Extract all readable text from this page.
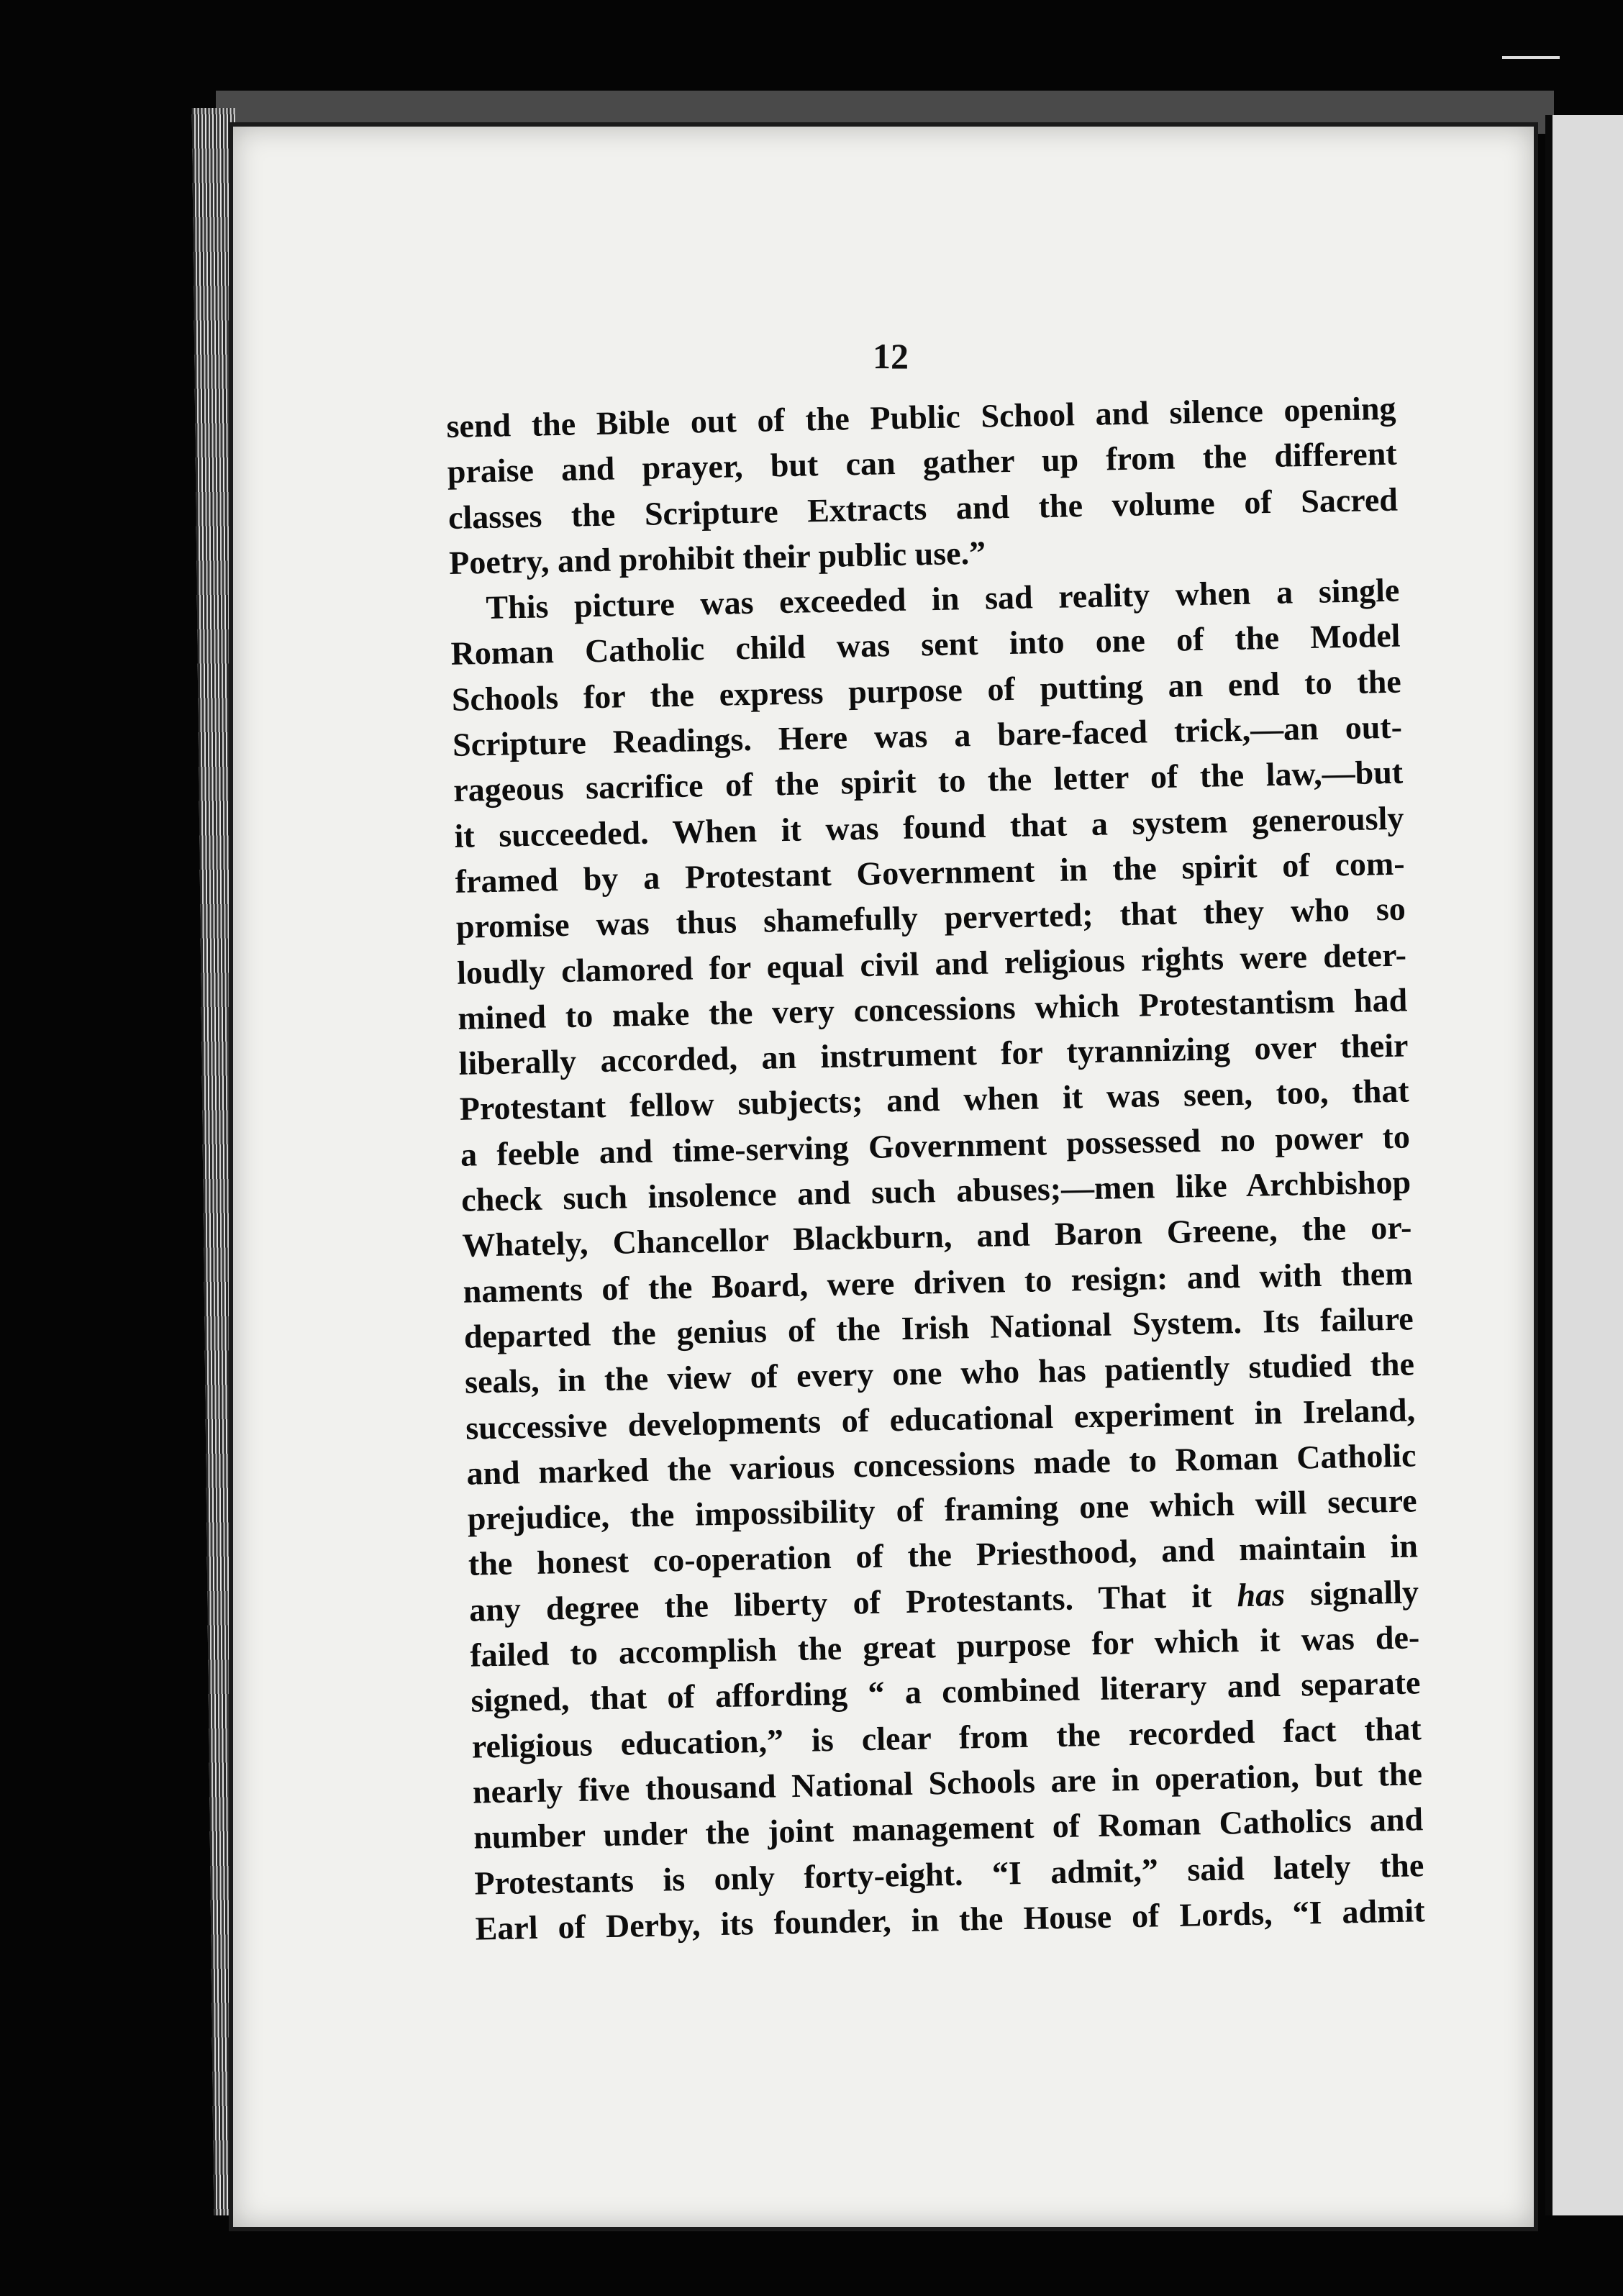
12
send the Bible out of the Public School and silence opening
praise and prayer, but can gather up from the different
classes the Scripture Extracts and the volume of Sacred
Poetry, and prohibit their public use.”
This picture was exceeded in sad reality when a single
Roman Catholic child was sent into one of the Model
Schools for the express purpose of putting an end to the
Scripture Readings. Here was a bare-faced trick,—an out-
rageous sacrifice of the spirit to the letter of the law,—but
it succeeded. When it was found that a system generously
framed by a Protestant Government in the spirit of com-
promise was thus shamefully perverted; that they who so
loudly clamored for equal civil and religious rights were deter-
mined to make the very concessions which Protestantism had
liberally accorded, an instrument for tyrannizing over their
Protestant fellow subjects; and when it was seen, too, that
a feeble and time-serving Government possessed no power to
check such insolence and such abuses;—men like Archbishop
Whately, Chancellor Blackburn, and Baron Greene, the or-
naments of the Board, were driven to resign: and with them
departed the genius of the Irish National System. Its failure
seals, in the view of every one who has patiently studied the
successive developments of educational experiment in Ireland,
and marked the various concessions made to Roman Catholic
prejudice, the impossibility of framing one which will secure
the honest co-operation of the Priesthood, and maintain in
any degree the liberty of Protestants. That it has signally
failed to accomplish the great purpose for which it was de-
signed, that of affording “ a combined literary and separate
religious education,” is clear from the recorded fact that
nearly five thousand National Schools are in operation, but the
number under the joint management of Roman Catholics and
Protestants is only forty-eight. “I admit,” said lately the
Earl of Derby, its founder, in the House of Lords, “I admit
